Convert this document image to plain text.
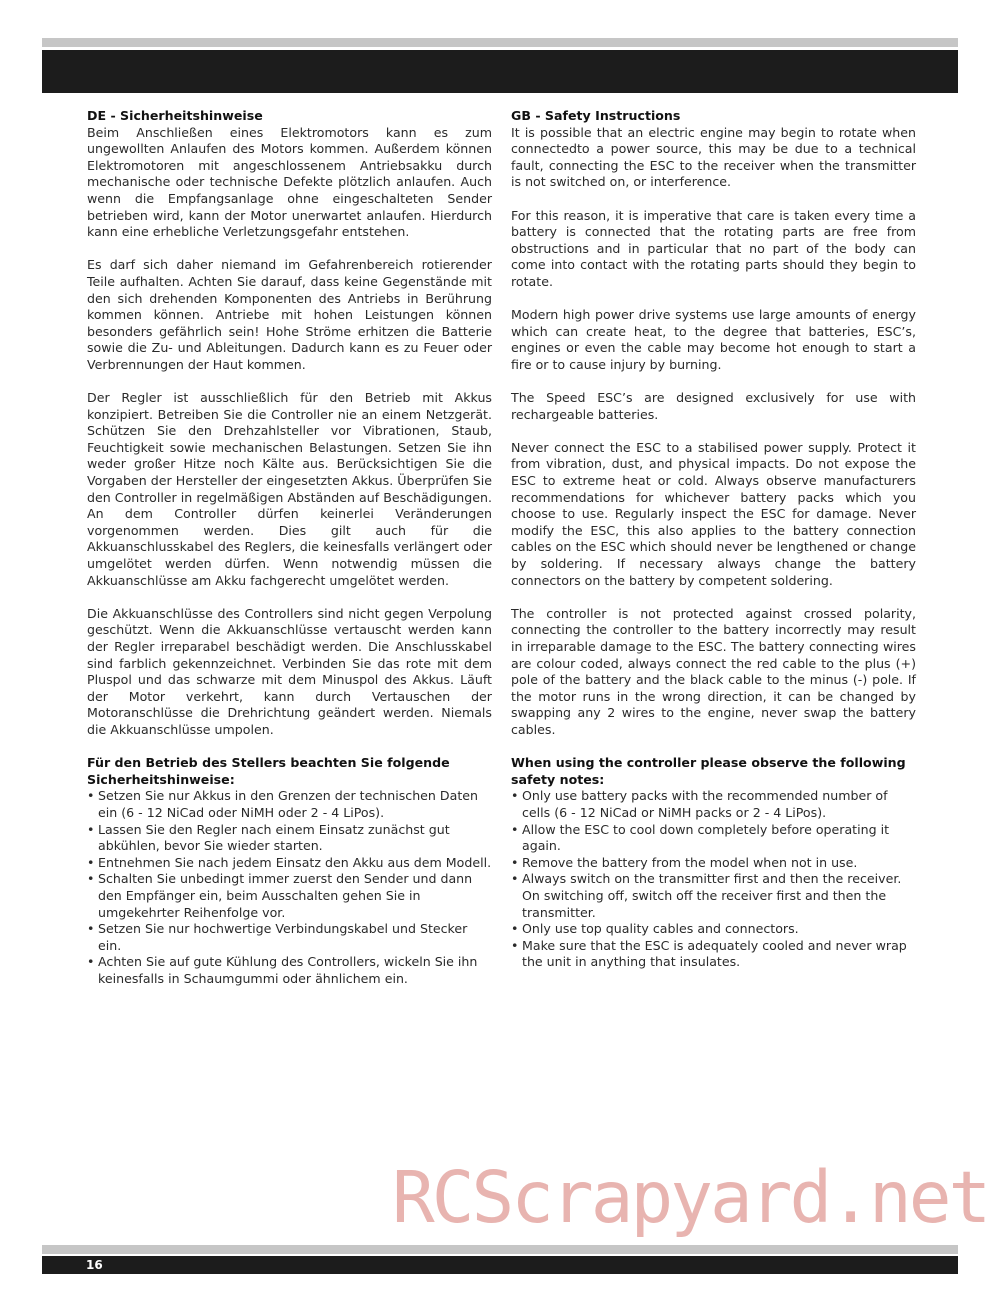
DE - Sicherheitshinweise

Beim Anschließen eines Elektromotors kann es zum ungewollten Anlaufen des Motors kommen. Außerdem können Elektromotoren mit angeschlossenem Antriebsakku durch mechanische oder technische Defekte plötzlich anlaufen. Auch wenn die Empfangsanlage ohne eingeschalteten Sender betrieben wird, kann der Motor unerwartet anlaufen. Hierdurch kann eine erhebliche Verletzungsgefahr entstehen.

Es darf sich daher niemand im Gefahrenbereich rotierender Teile aufhalten. Achten Sie darauf, dass keine Gegenstände mit den sich drehenden Komponenten des Antriebs in Berührung kommen können. Antriebe mit hohen Leistungen können besonders gefährlich sein! Hohe Ströme erhitzen die Batterie sowie die Zu- und Ableitungen. Dadurch kann es zu Feuer oder Verbrennungen der Haut kommen.

Der Regler ist ausschließlich für den Betrieb mit Akkus konzipiert. Betreiben Sie die Controller nie an einem Netzgerät. Schützen Sie den Drehzahlsteller vor Vibrationen, Staub, Feuchtigkeit sowie mechanischen Belastungen. Setzen Sie ihn weder großer Hitze noch Kälte aus. Berücksichtigen Sie die Vorgaben der Hersteller der eingesetzten Akkus. Überprüfen Sie den Controller in regelmäßigen Abständen auf Beschädigungen. An dem Controller dürfen keinerlei Veränderungen vorgenommen werden. Dies gilt auch für die Akkuanschlusskabel des Reglers, die keinesfalls verlängert oder umgelötet werden dürfen. Wenn notwendig müssen die Akkuanschlüsse am Akku fachgerecht umgelötet werden.

Die Akkuanschlüsse des Controllers sind nicht gegen Verpolung geschützt. Wenn die Akkuanschlüsse vertauscht werden kann der Regler irreparabel beschädigt werden. Die Anschlusskabel sind farblich gekennzeichnet. Verbinden Sie das rote mit dem Pluspol und das schwarze mit dem Minuspol des Akkus. Läuft der Motor verkehrt, kann durch Vertauschen der Motoranschlüsse die Drehrichtung geändert werden. Niemals die Akkuanschlüsse umpolen.

Für den Betrieb des Stellers beachten Sie folgende Sicherheitshinweise:
• Setzen Sie nur Akkus in den Grenzen der technischen Daten ein (6 - 12 NiCad oder NiMH oder 2 - 4 LiPos).
• Lassen Sie den Regler nach einem Einsatz zunächst gut abkühlen, bevor Sie wieder starten.
• Entnehmen Sie nach jedem Einsatz den Akku aus dem Modell.
• Schalten Sie unbedingt immer zuerst den Sender und dann den Empfänger ein, beim Ausschalten gehen Sie in umgekehrter Reihenfolge vor.
• Setzen Sie nur hochwertige Verbindungskabel und Stecker ein.
• Achten Sie auf gute Kühlung des Controllers, wickeln Sie ihn keinesfalls in Schaumgummi oder ähnlichem ein.
GB - Safety Instructions

It is possible that an electric engine may begin to rotate when connectedto a power source, this may be due to a technical fault, connecting the ESC to the receiver when the transmitter is not switched on, or interference.

For this reason, it is imperative that care is taken every time a battery is connected that the rotating parts are free from obstructions and in particular that no part of the body can come into contact with the rotating parts should they begin to rotate.

Modern high power drive systems use large amounts of energy which can create heat, to the degree that batteries, ESC’s, engines or even the cable may become hot enough to start a fire or to cause injury by burning.

The Speed ESC’s are designed exclusively for use with rechargeable batteries.

Never connect the ESC to a stabilised power supply. Protect it from vibration, dust, and physical impacts. Do not expose the ESC to extreme heat or cold. Always observe manufacturers recommendations for whichever battery packs which you choose to use. Regularly inspect the ESC for damage. Never modify the ESC, this also applies to the battery connection cables on the ESC which should never be lengthened or change by soldering. If necessary always change the battery connectors on the battery by competent soldering.

The controller is not protected against crossed polarity, connecting the controller to the battery incorrectly may result in irreparable damage to the ESC. The battery connecting wires are colour coded, always connect the red cable to the plus (+) pole of the battery and the black cable to the minus (-) pole. If the motor runs in the wrong direction, it can be changed by swapping any 2 wires to the engine, never swap the battery cables.

When using the controller please observe the following safety notes:
• Only use battery packs with the recommended number of cells (6 - 12 NiCad or NiMH packs or 2 - 4 LiPos).
• Allow the ESC to cool down completely before operating it again.
• Remove the battery from the model when not in use.
• Always switch on the transmitter first and then the receiver. On switching off, switch off the receiver first and then the transmitter.
• Only use top quality cables and connectors.
• Make sure that the ESC is adequately cooled and never wrap the unit in anything that insulates.
RCScrapyard.net
16
